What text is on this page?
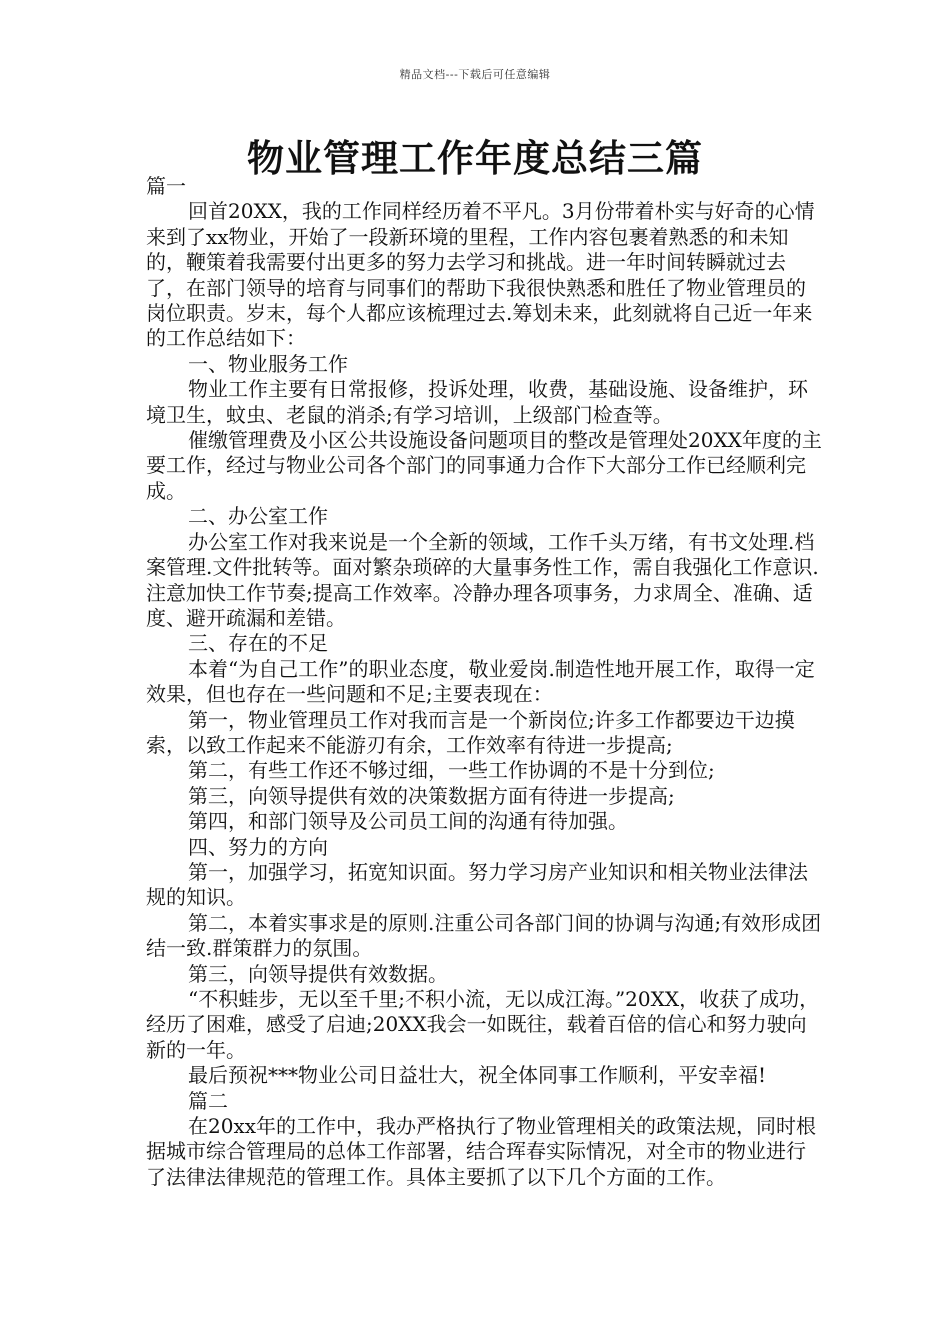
精品文档---下载后可任意编辑
物业管理工作年度总结三篇

篇一

回首20XX，我的工作同样经历着不平凡。3月份带着朴实与好奇的心情来到了xx物业，开始了一段新环境的里程，工作内容包裹着熟悉的和未知的，鞭策着我需要付出更多的努力去学习和挑战。进一年时间转瞬就过去了，在部门领导的培育与同事们的帮助下我很快熟悉和胜任了物业管理员的岗位职责。岁末，每个人都应该梳理过去.筹划未来，此刻就将自己近一年来的工作总结如下：

一、物业服务工作

物业工作主要有日常报修，投诉处理，收费，基础设施、设备维护，环境卫生，蚊虫、老鼠的消杀;有学习培训，上级部门检查等。

催缴管理费及小区公共设施设备问题项目的整改是管理处20XX年度的主要工作，经过与物业公司各个部门的同事通力合作下大部分工作已经顺利完成。

二、办公室工作

办公室工作对我来说是一个全新的领域，工作千头万绪，有书文处理.档案管理.文件批转等。面对繁杂琐碎的大量事务性工作，需自我强化工作意识.注意加快工作节奏;提高工作效率。冷静办理各项事务，力求周全、准确、适度、避开疏漏和差错。

三、存在的不足

本着“为自己工作”的职业态度，敬业爱岗.制造性地开展工作，取得一定效果，但也存在一些问题和不足;主要表现在：

第一，物业管理员工作对我而言是一个新岗位;许多工作都要边干边摸索，以致工作起来不能游刃有余，工作效率有待进一步提高;

第二，有些工作还不够过细，一些工作协调的不是十分到位;

第三，向领导提供有效的决策数据方面有待进一步提高;

第四，和部门领导及公司员工间的沟通有待加强。

四、努力的方向

第一，加强学习，拓宽知识面。努力学习房产业知识和相关物业法律法规的知识。

第二，本着实事求是的原则.注重公司各部门间的协调与沟通;有效形成团结一致.群策群力的氛围。

第三，向领导提供有效数据。

“不积蛙步，无以至千里;不积小流，无以成江海。”20XX，收获了成功，经历了困难，感受了启迪;20XX我会一如既往，载着百倍的信心和努力驶向新的一年。

最后预祝***物业公司日益壮大，祝全体同事工作顺利，平安幸福!

篇二

在20xx年的工作中，我办严格执行了物业管理相关的政策法规，同时根据城市综合管理局的总体工作部署，结合珲春实际情况，对全市的物业进行了法律法律规范的管理工作。具体主要抓了以下几个方面的工作。
